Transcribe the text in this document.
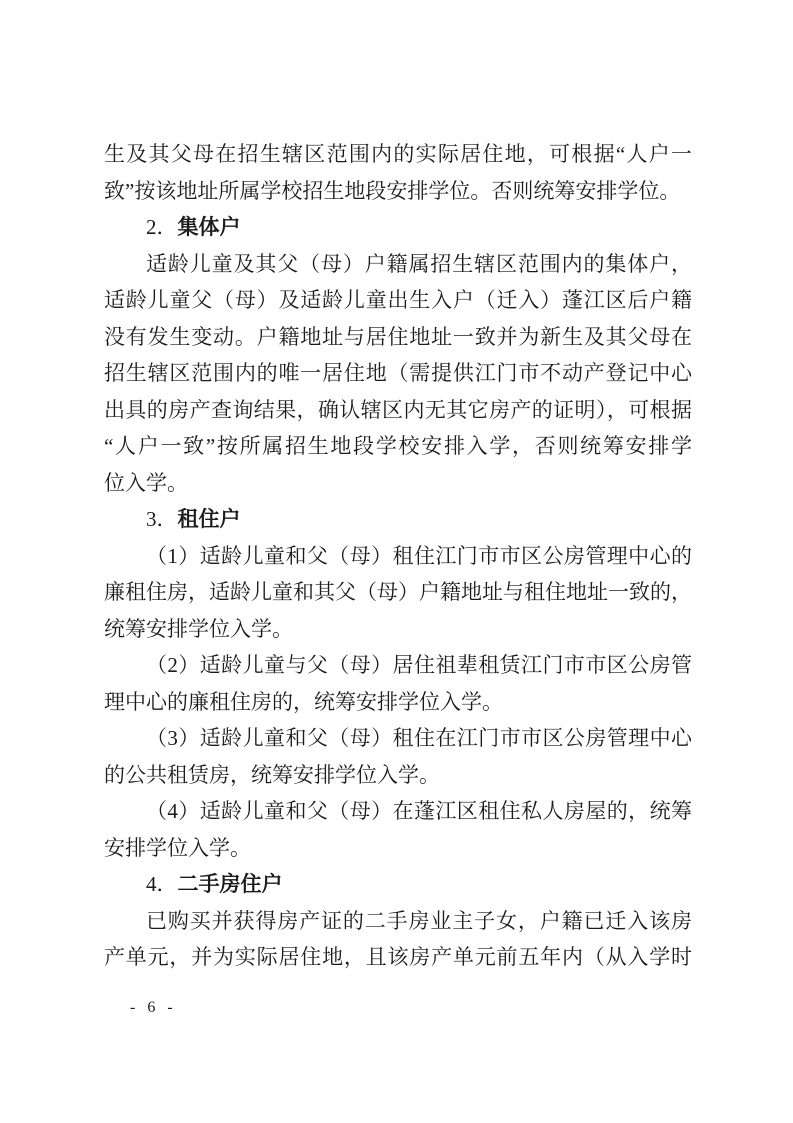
生及其父母在招生辖区范围内的实际居住地，可根据“人户一
致”按该地址所属学校招生地段安排学位。否则统筹安排学位。
2．集体户
适龄儿童及其父（母）户籍属招生辖区范围内的集体户，
适龄儿童父（母）及适龄儿童出生入户（迁入）蓬江区后户籍
没有发生变动。户籍地址与居住地址一致并为新生及其父母在
招生辖区范围内的唯一居住地（需提供江门市不动产登记中心
出具的房产查询结果，确认辖区内无其它房产的证明），可根据
“人户一致”按所属招生地段学校安排入学，否则统筹安排学
位入学。
3．租住户
（1）适龄儿童和父（母）租住江门市市区公房管理中心的
廉租住房，适龄儿童和其父（母）户籍地址与租住地址一致的，
统筹安排学位入学。
（2）适龄儿童与父（母）居住祖辈租赁江门市市区公房管
理中心的廉租住房的，统筹安排学位入学。
（3）适龄儿童和父（母）租住在江门市市区公房管理中心
的公共租赁房，统筹安排学位入学。
（4）适龄儿童和父（母）在蓬江区租住私人房屋的，统筹
安排学位入学。
4．二手房住户
已购买并获得房产证的二手房业主子女，户籍已迁入该房
产单元，并为实际居住地，且该房产单元前五年内（从入学时
- 6 -
